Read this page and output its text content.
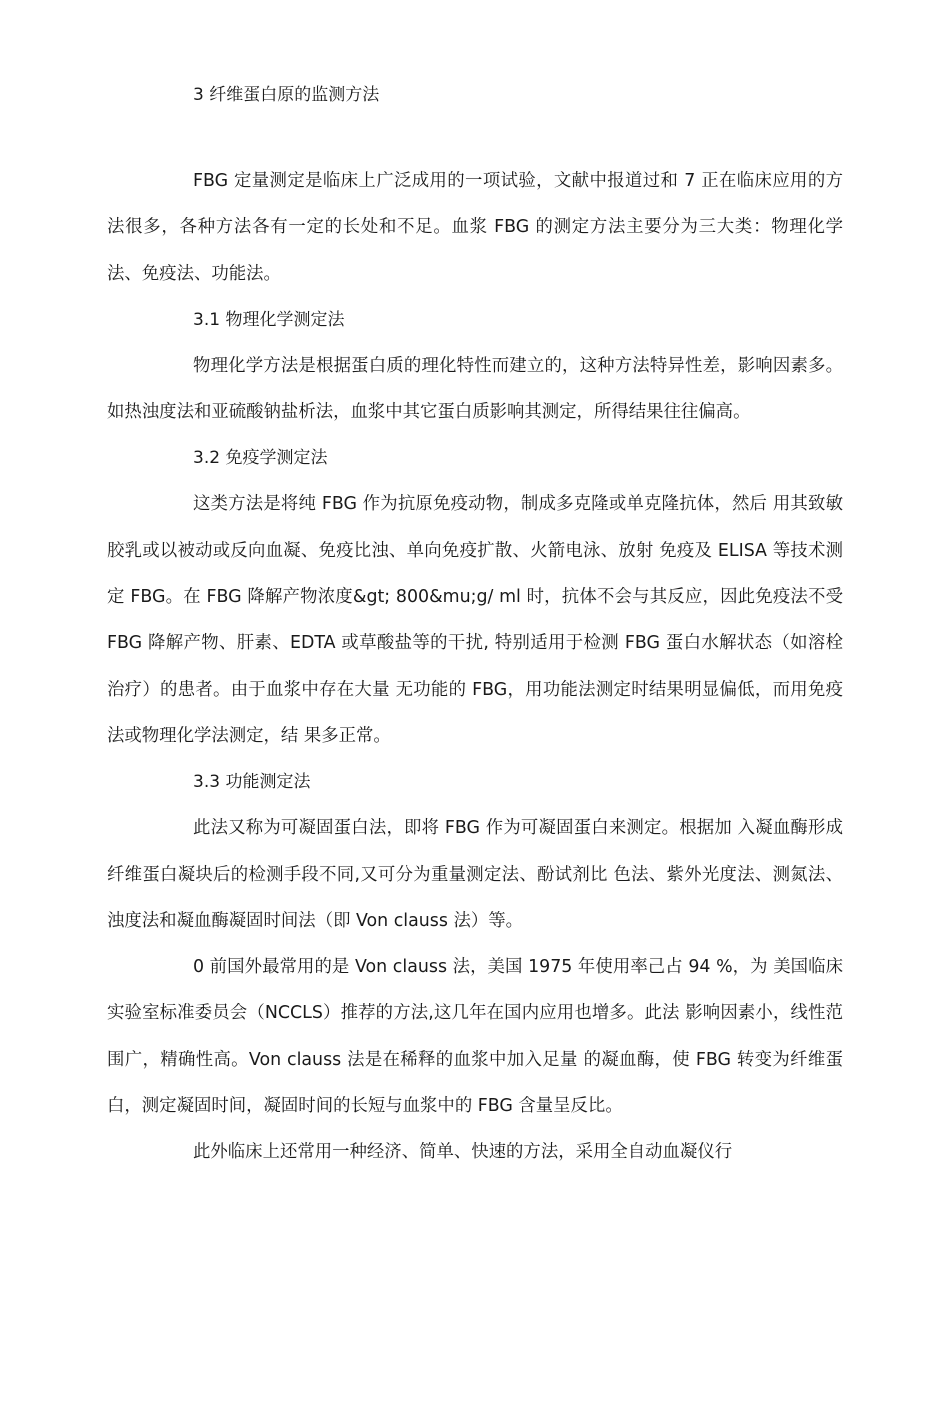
3 纤维蛋白原的监测方法

FBG 定量测定是临床上广泛成用的一项试验，文献中报道过和 7 正在临床应用的方法很多，各种方法各有一定的长处和不足。血浆 FBG 的测定方法主要分为三大类：物理化学法、免疫法、功能法。

3.1 物理化学测定法

物理化学方法是根据蛋白质的理化特性而建立的，这种方法特异性差，影响因素多。如热浊度法和亚硫酸钠盐析法，血浆中其它蛋白质影响其测定，所得结果往往偏高。

3.2 免疫学测定法

这类方法是将纯 FBG 作为抗原免疫动物，制成多克隆或单克隆抗体，然后 用其致敏胶乳或以被动或反向血凝、免疫比浊、单向免疫扩散、火箭电泳、放射 免疫及 ELISA 等技术测定 FBG。在 FBG 降解产物浓度&gt; 800&mu;g/ ml 时，抗体不会与其反应，因此免疫法不受 FBG 降解产物、肝素、EDTA 或草酸盐等的干扰, 特别适用于检测 FBG 蛋白水解状态（如溶栓治疗）的患者。由于血浆中存在大量 无功能的 FBG，用功能法测定时结果明显偏低，而用免疫法或物理化学法测定，结 果多正常。

3.3 功能测定法

此法又称为可凝固蛋白法，即将 FBG 作为可凝固蛋白来测定。根据加 入凝血酶形成纤维蛋白凝块后的检测手段不同,又可分为重量测定法、酚试剂比 色法、紫外光度法、测氮法、浊度法和凝血酶凝固时间法（即 Von clauss 法）等。

0 前国外最常用的是 Von clauss 法，美国 1975 年使用率己占 94 %，为 美国临床实验室标准委员会（NCCLS）推荐的方法,这几年在国内应用也增多。此法 影响因素小，线性范围广，精确性高。Von clauss 法是在稀释的血浆中加入足量 的凝血酶，使 FBG 转变为纤维蛋白，测定凝固时间，凝固时间的长短与血浆中的 FBG 含量呈反比。

此外临床上还常用一种经济、简单、快速的方法，采用全自动血凝仪行
